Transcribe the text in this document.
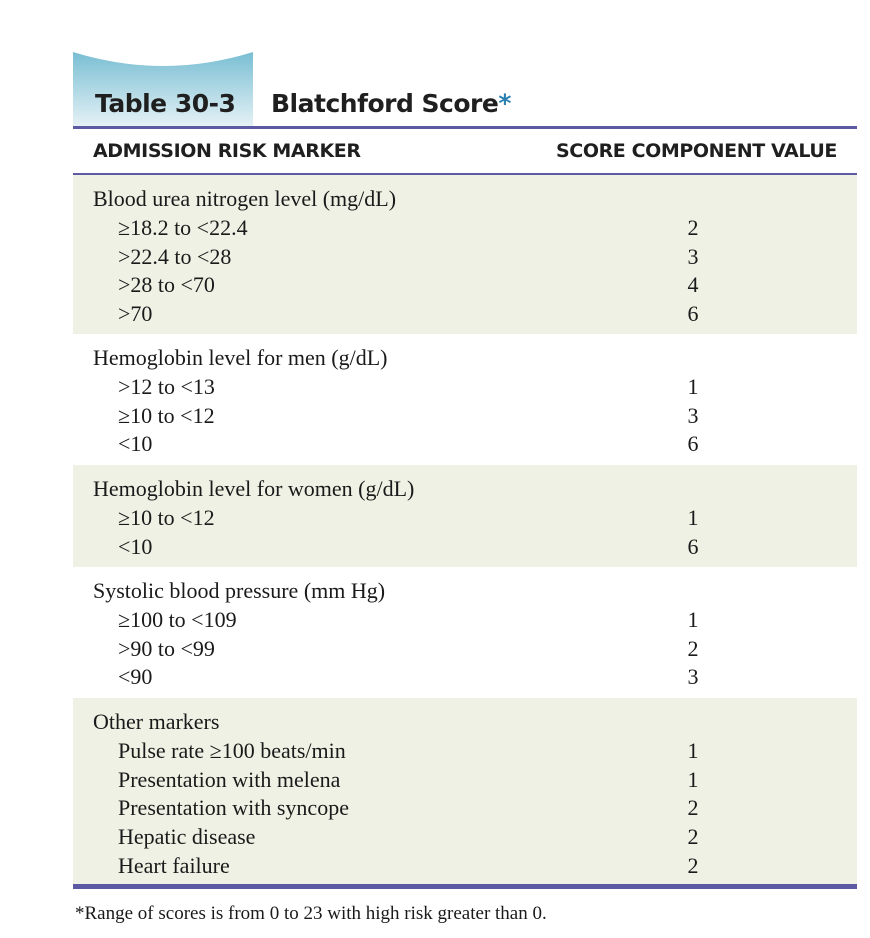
Table 30-3 Blatchford Score*
ADMISSION RISK MARKER	SCORE COMPONENT VALUE
Blood urea nitrogen level (mg/dL)
≥18.2 to <22.4	2
>22.4 to <28	3
>28 to <70	4
>70	6
Hemoglobin level for men (g/dL)
>12 to <13	1
≥10 to <12	3
<10	6
Hemoglobin level for women (g/dL)
≥10 to <12	1
<10	6
Systolic blood pressure (mm Hg)
≥100 to <109	1
>90 to <99	2
<90	3
Other markers
Pulse rate ≥100 beats/min	1
Presentation with melena	1
Presentation with syncope	2
Hepatic disease	2
Heart failure	2
*Range of scores is from 0 to 23 with high risk greater than 0.
